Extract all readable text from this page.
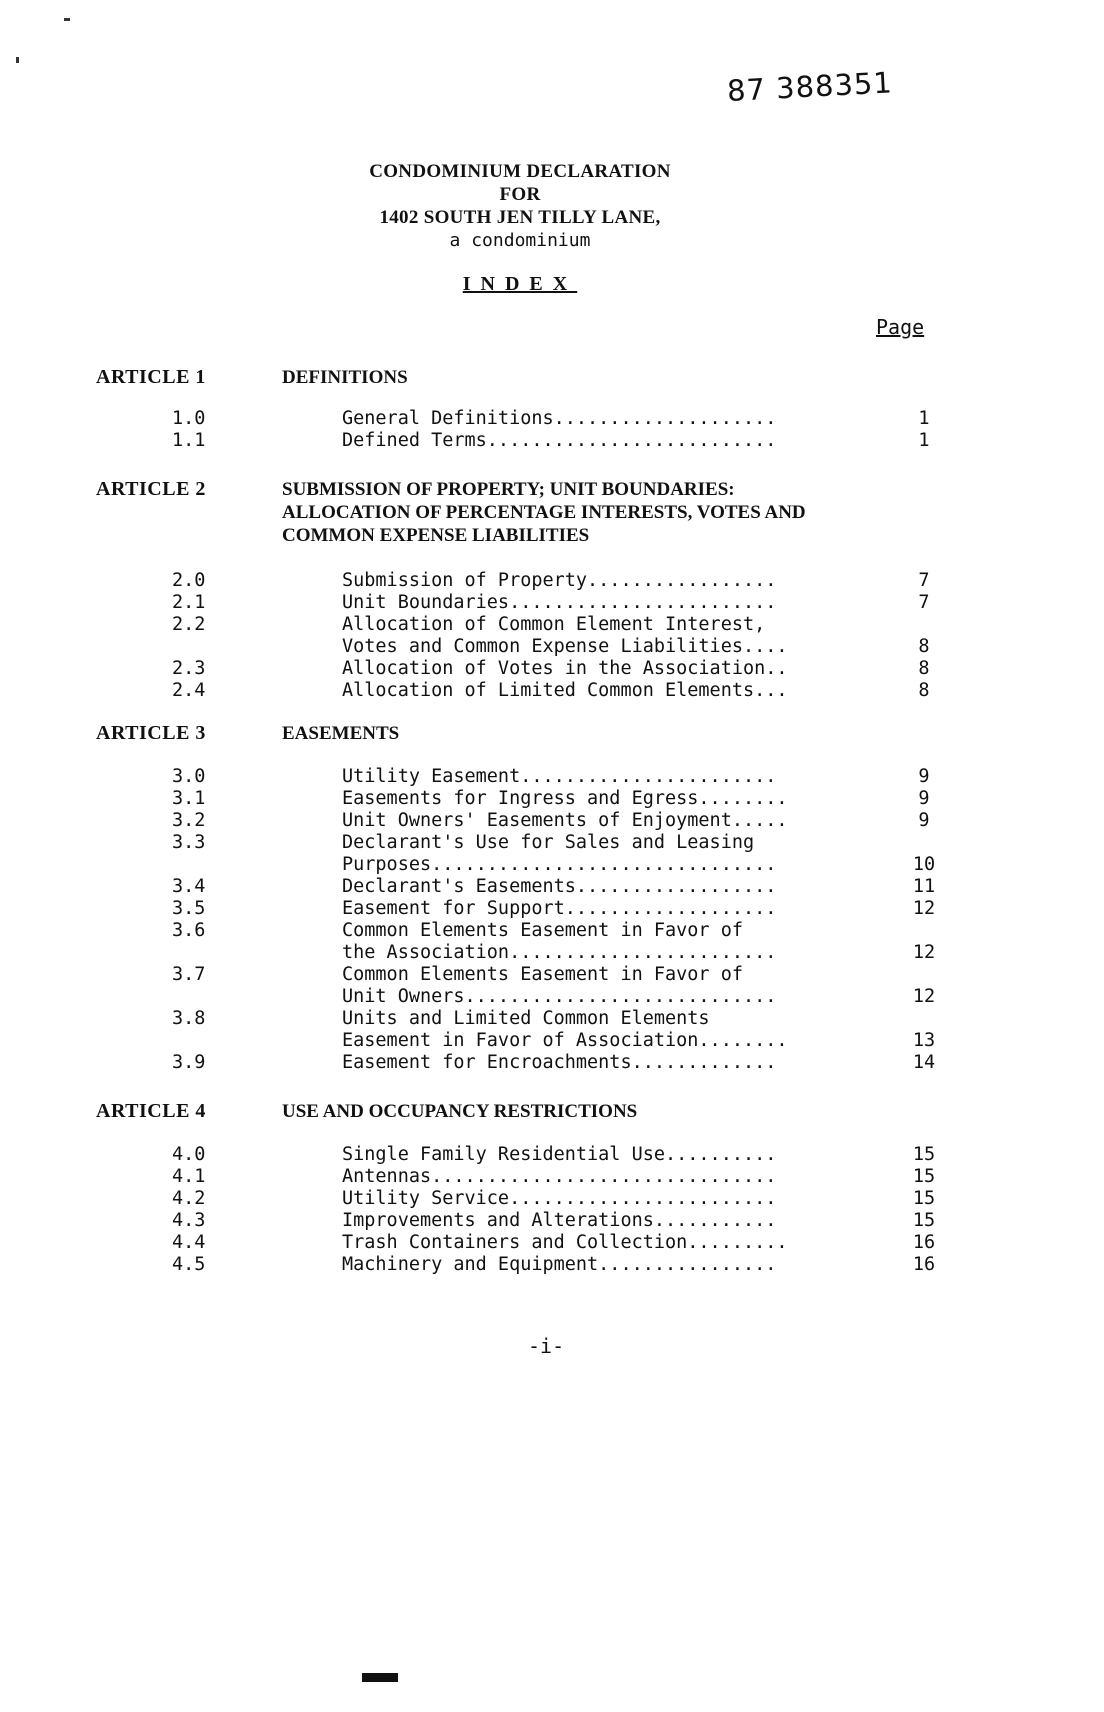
87 388351
CONDOMINIUM DECLARATION
FOR
1402 SOUTH JEN TILLY LANE,
a condominium
INDEX
Page
ARTICLE 1	DEFINITIONS
1.0	General Definitions....................	1
1.1	Defined Terms..........................	1
ARTICLE 2	SUBMISSION OF PROPERTY; UNIT BOUNDARIES: ALLOCATION OF PERCENTAGE INTERESTS, VOTES AND COMMON EXPENSE LIABILITIES
2.0	Submission of Property.................	7
2.1	Unit Boundaries........................	7
2.2	Allocation of Common Element Interest,
Votes and Common Expense Liabilities....	8
2.3	Allocation of Votes in the Association..	8
2.4	Allocation of Limited Common Elements...	8
ARTICLE 3	EASEMENTS
3.0	Utility Easement.......................	9
3.1	Easements for Ingress and Egress........	9
3.2	Unit Owners' Easements of Enjoyment.....	9
3.3	Declarant's Use for Sales and Leasing
Purposes...............................	10
3.4	Declarant's Easements..................	11
3.5	Easement for Support...................	12
3.6	Common Elements Easement in Favor of
the Association........................	12
3.7	Common Elements Easement in Favor of
Unit Owners............................	12
3.8	Units and Limited Common Elements
Easement in Favor of Association........	13
3.9	Easement for Encroachments.............	14
ARTICLE 4	USE AND OCCUPANCY RESTRICTIONS
4.0	Single Family Residential Use..........	15
4.1	Antennas...............................	15
4.2	Utility Service........................	15
4.3	Improvements and Alterations...........	15
4.4	Trash Containers and Collection.........	16
4.5	Machinery and Equipment................	16
-i-
